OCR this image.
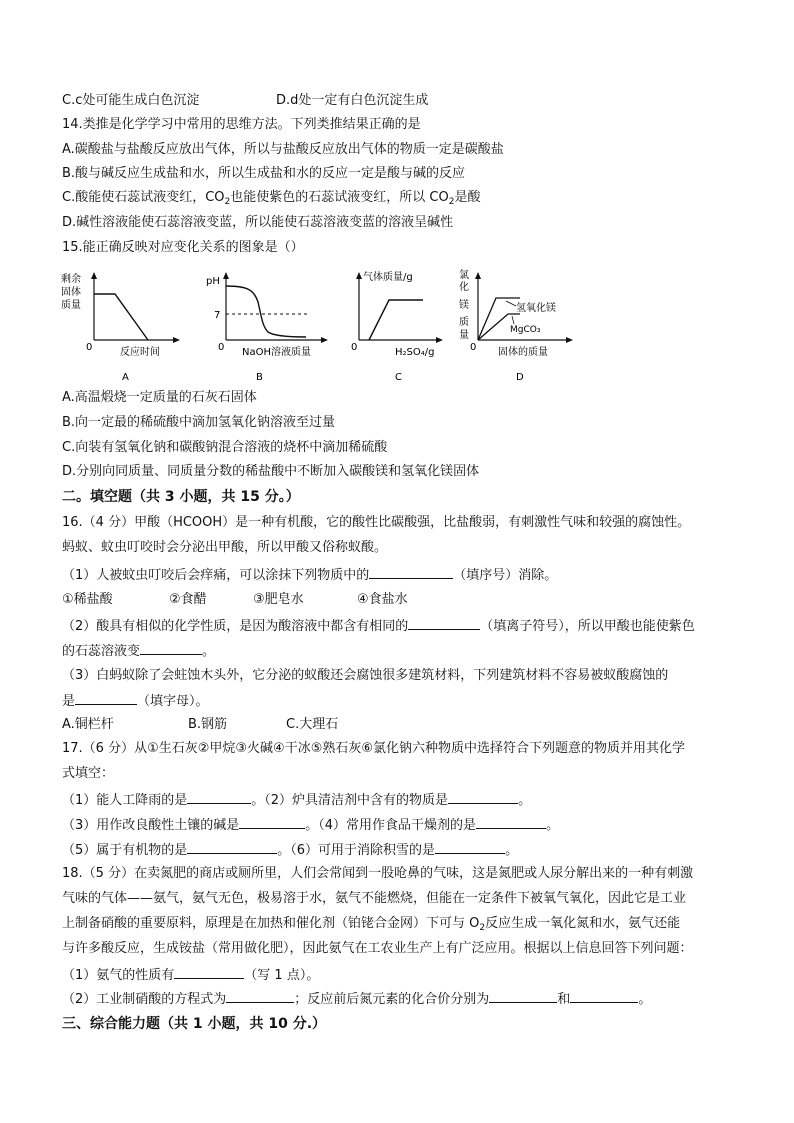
C.c处可能生成白色沉淀	D.d处一定有白色沉淀生成
14.类推是化学学习中常用的思维方法。下列类推结果正确的是
A.碳酸盐与盐酸反应放出气体，所以与盐酸反应放出气体的物质一定是碳酸盐
B.酸与碱反应生成盐和水，所以生成盐和水的反应一定是酸与碱的反应
C.酸能使石蕊试液变红，$CO_2$也能使紫色的石蕊试液变红，所以 $CO_2$是酸
D.碱性溶液能使石蕊溶液变蓝，所以能使石蕊溶液变蓝的溶液呈碱性
15.能正确反映对应变化关系的图象是（）
剩余
固体
质量
0	反应时间
A
pH
7
0 NaOH溶液质量
B
气体质量/g
0	H₂SO₄/g
C
氯
化
镁
质
量
氢氧化镁
MgCO₃
0 固体的质量
D
A.高温煅烧一定质量的石灰石固体
B.向一定最的稀硫酸中滴加氢氧化钠溶液至过量
C.向装有氢氧化钠和碳酸钠混合溶液的烧杯中滴加稀硫酸
D.分别向同质量、同质量分数的稀盐酸中不断加入碳酸镁和氢氧化镁固体
二。填空题（共 3 小题，共 15 分。）
16.（4 分）甲酸（HCOOH）是一种有机酸，它的酸性比碳酸强，比盐酸弱，有刺激性气味和较强的腐蚀性。
蚂蚁、蚊虫叮咬时会分泌出甲酸，所以甲酸又俗称蚁酸。
（1）人被蚊虫叮咬后会痒痛，可以涂抹下列物质中的	（填序号）消除。
①稀盐酸	②食醋	③肥皂水	④食盐水
（2）酸具有相似的化学性质，是因为酸溶液中都含有相同的	（填离子符号），所以甲酸也能使紫色
的石蕊溶液变	。
（3）白蚂蚁除了会蛀蚀木头外，它分泌的蚁酸还会腐蚀很多建筑材料，下列建筑材料不容易被蚁酸腐蚀的
是	（填字母）。
A.铜栏杆	B.钢筋	C.大理石
17.（6 分）从①生石灰②甲烷③火碱④干冰⑤熟石灰⑥氯化钠六种物质中选择符合下列题意的物质并用其化学
式填空：
（1）能人工降雨的是	。（2）炉具清洁剂中含有的物质是	。
（3）用作改良酸性土镶的碱是	。（4）常用作食品干燥剂的是	。
（5）属于有机物的是	。（6）可用于消除积雪的是	。
18.（5 分）在卖氮肥的商店或厕所里，人们会常闻到一股呛鼻的气味，这是氮肥或人尿分解出来的一种有刺激
气味的气体——氨气，氨气无色，极易溶于水，氨气不能燃烧，但能在一定条件下被氧气氧化，因此它是工业
上制备硝酸的重要原料，原理是在加热和催化剂（铂铑合金网）下可与 $O_2$反应生成一氧化氮和水，氨气还能
与许多酸反应，生成铵盐（常用做化肥），因此氨气在工农业生产上有广泛应用。根据以上信息回答下列问题：
（1）氨气的性质有	（写 1 点）。
（2）工业制硝酸的方程式为	；反应前后氮元素的化合价分别为	和	。
三、综合能力题（共 1 小题，共 10 分.）
